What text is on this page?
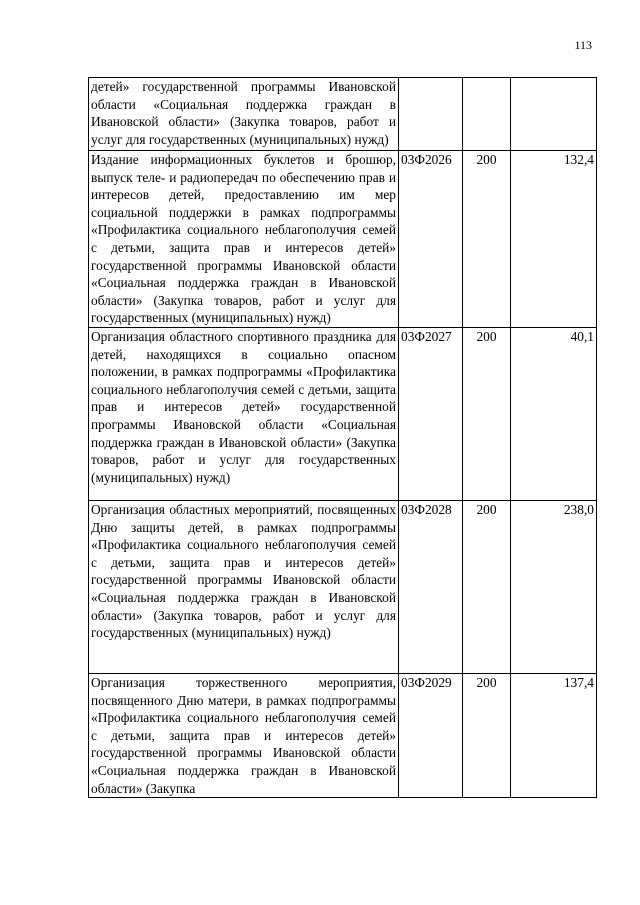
113
детей» государственной программы Ивановской области «Социальная поддержка граждан в Ивановской области» (Закупка товаров, работ и услуг для государственных (муниципальных) нужд)			
Издание информационных буклетов и брошюр, выпуск теле- и радиопередач по обеспечению прав и интересов детей, предоставлению им мер социальной поддержки в рамках подпрограммы «Профилактика социального неблагополучия семей с детьми, защита прав и интересов детей» государственной программы Ивановской области «Социальная поддержка граждан в Ивановской области» (Закупка товаров, работ и услуг для государственных (муниципальных) нужд)	03Ф2026	200	132,4
Организация областного спортивного праздника для детей, находящихся в социально опасном положении, в рамках подпрограммы «Профилактика социального неблагополучия семей с детьми, защита прав и интересов детей» государственной программы Ивановской области «Социальная поддержка граждан в Ивановской области» (Закупка товаров, работ и услуг для государственных (муниципальных) нужд)	03Ф2027	200	40,1
Организация областных мероприятий, посвященных Дню защиты детей, в рамках подпрограммы «Профилактика социального неблагополучия семей с детьми, защита прав и интересов детей» государственной программы Ивановской области «Социальная поддержка граждан в Ивановской области» (Закупка товаров, работ и услуг для государственных (муниципальных) нужд)	03Ф2028	200	238,0
Организация торжественного мероприятия, посвященного Дню матери, в рамках подпрограммы «Профилактика социального неблагополучия семей с детьми, защита прав и интересов детей» государственной программы Ивановской области «Социальная поддержка граждан в Ивановской области» (Закупка	03Ф2029	200	137,4
